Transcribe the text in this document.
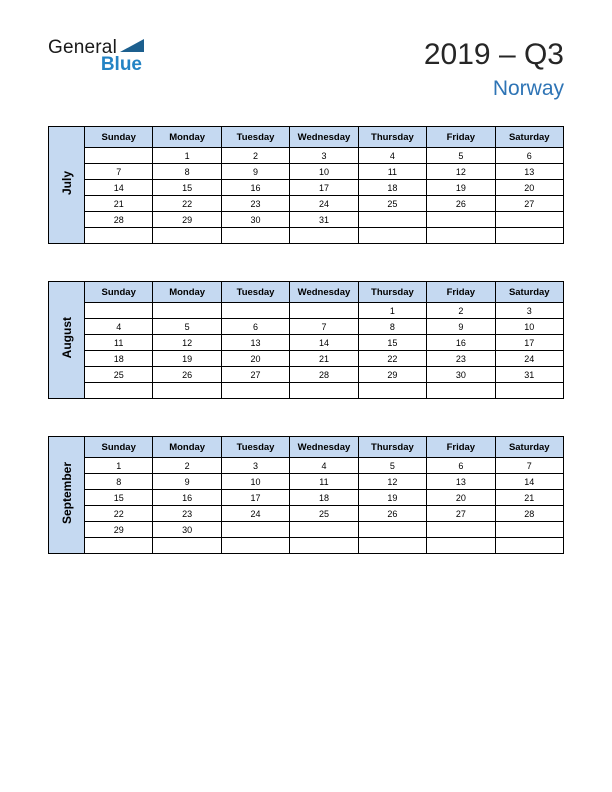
General
Blue	2019 – Q3
Norway
July	Sunday	Monday	Tuesday	Wednesday	Thursday	Friday	Saturday
		1	2	3	4	5	6
	7	8	9	10	11	12	13
	14	15	16	17	18	19	20
	21	22	23	24	25	26	27
	28	29	30	31			

August	Sunday	Monday	Tuesday	Wednesday	Thursday	Friday	Saturday
					1	2	3
	4	5	6	7	8	9	10
	11	12	13	14	15	16	17
	18	19	20	21	22	23	24
	25	26	27	28	29	30	31

September	Sunday	Monday	Tuesday	Wednesday	Thursday	Friday	Saturday
	1	2	3	4	5	6	7
	8	9	10	11	12	13	14
	15	16	17	18	19	20	21
	22	23	24	25	26	27	28
	29	30					
